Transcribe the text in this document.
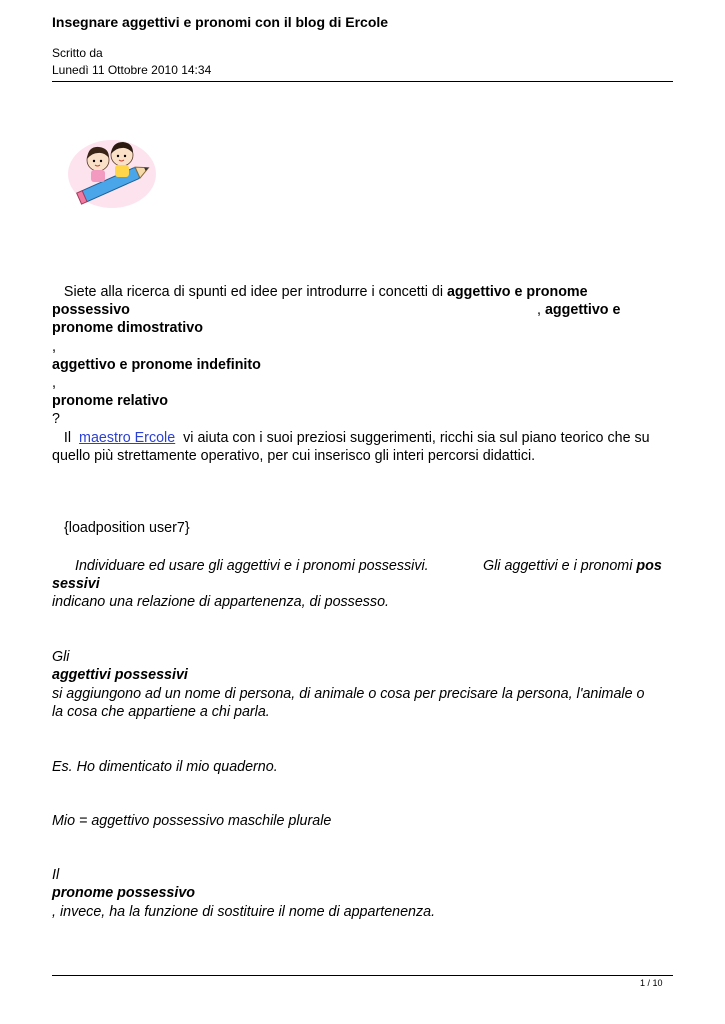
Insegnare aggettivi e pronomi con il blog di Ercole
Scritto da
Lunedì 11 Ottobre 2010 14:34
Siete alla ricerca di spunti ed idee per introdurre i concetti di aggettivo e pronome
possessivo	, aggettivo e
pronome dimostrativo
,
aggettivo e pronome indefinito
,
pronome relativo
?
Il maestro Ercole vi aiuta con i suoi preziosi suggerimenti, ricchi sia sul piano teorico che su
quello più strettamente operativo, per cui inserisco gli interi percorsi didattici.
{loadposition user7}
Individuare ed usare gli aggettivi e i pronomi possessivi.	Gli aggettivi e i pronomi pos
sessivi
indicano una relazione di appartenenza, di possesso.
Gli
aggettivi possessivi
si aggiungono ad un nome di persona, di animale o cosa per precisare la persona, l'animale o
la cosa che appartiene a chi parla.
Es. Ho dimenticato il mio quaderno.
Mio = aggettivo possessivo maschile plurale
Il
pronome possessivo
, invece, ha la funzione di sostituire il nome di appartenenza.
1 / 10
